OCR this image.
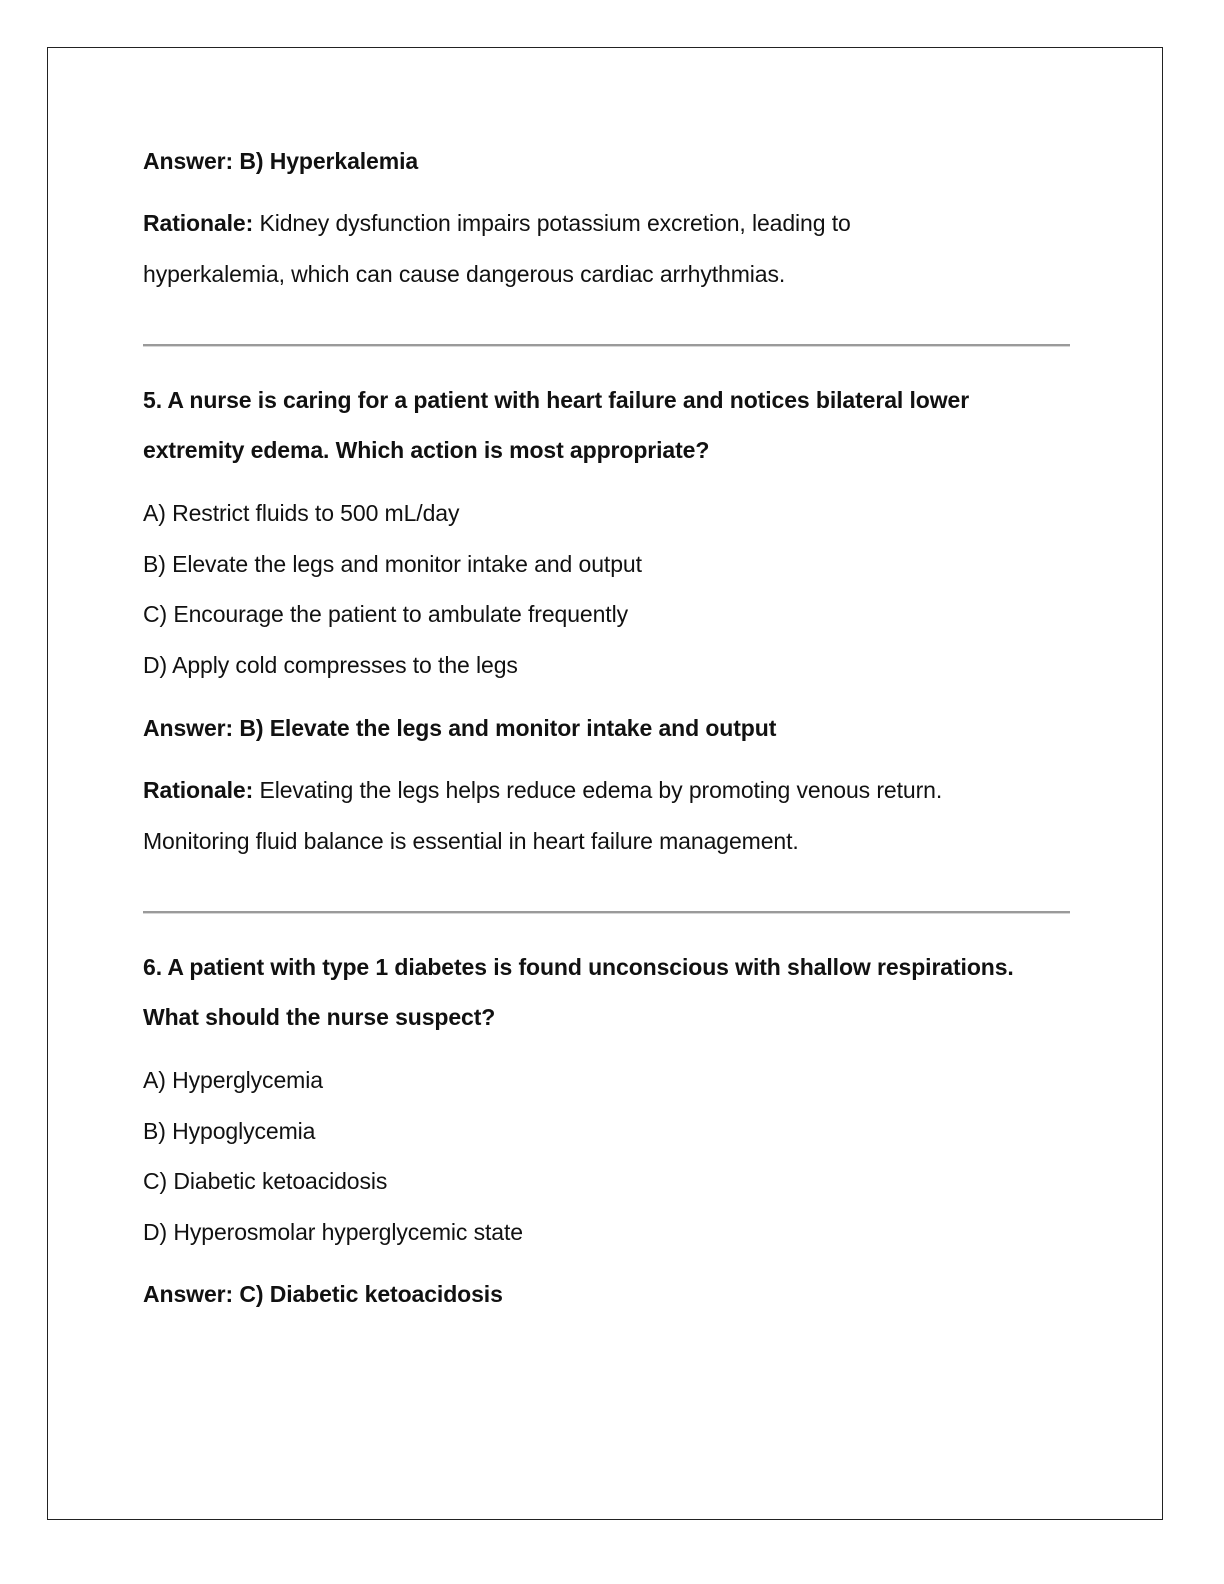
Answer: B) Hyperkalemia
Rationale: Kidney dysfunction impairs potassium excretion, leading to
hyperkalemia, which can cause dangerous cardiac arrhythmias.
5. A nurse is caring for a patient with heart failure and notices bilateral lower
extremity edema. Which action is most appropriate?
A) Restrict fluids to 500 mL/day
B) Elevate the legs and monitor intake and output
C) Encourage the patient to ambulate frequently
D) Apply cold compresses to the legs
Answer: B) Elevate the legs and monitor intake and output
Rationale: Elevating the legs helps reduce edema by promoting venous return.
Monitoring fluid balance is essential in heart failure management.
6. A patient with type 1 diabetes is found unconscious with shallow respirations.
What should the nurse suspect?
A) Hyperglycemia
B) Hypoglycemia
C) Diabetic ketoacidosis
D) Hyperosmolar hyperglycemic state
Answer: C) Diabetic ketoacidosis
